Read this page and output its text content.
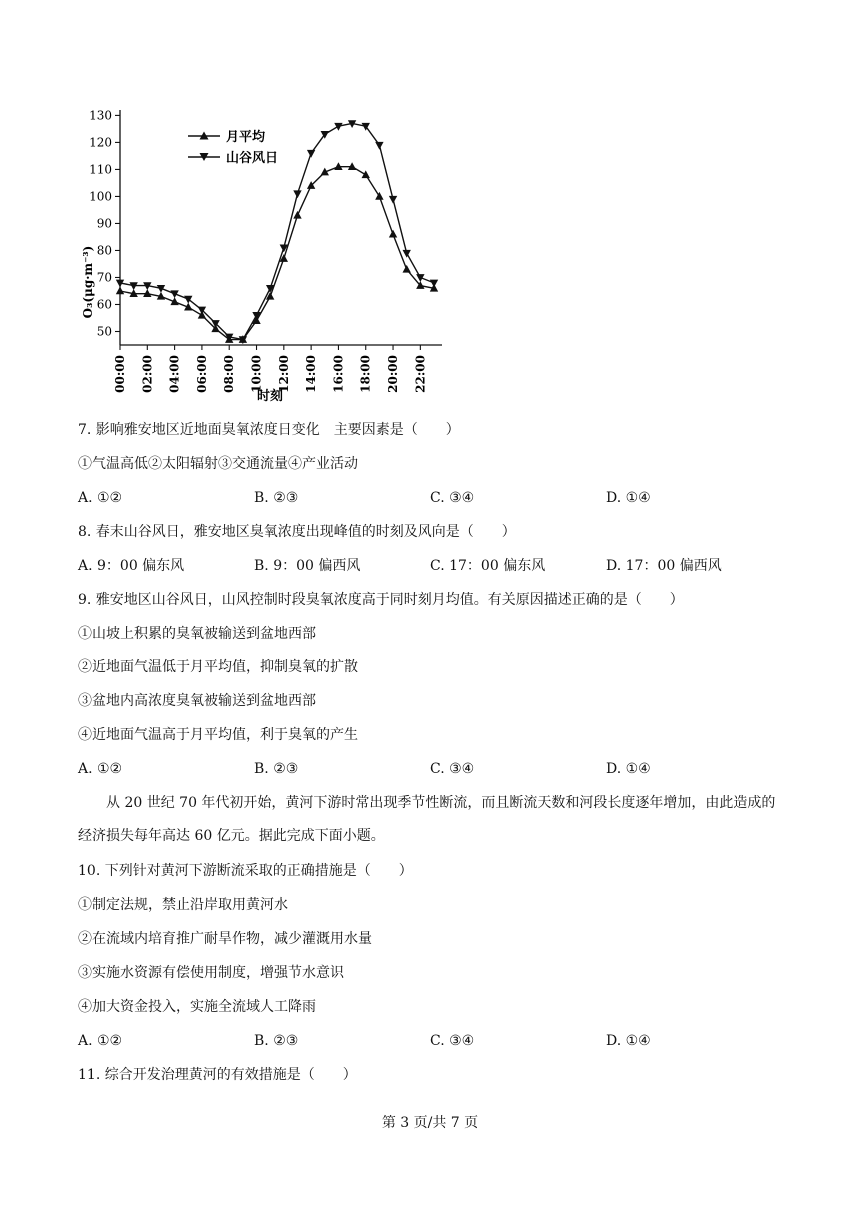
50
60
70
80
90
100
110
120
130
00:00 02:00 04:00 06:00 08:00 10:00 12:00 14:00 16:00 18:00 20:00 22:00
月平均
山谷风日
O₃(μg·m⁻³)
时刻
7. 影响雅安地区近地面臭氧浓度日变化　主要因素是（　　）
①气温高低②太阳辐射③交通流量④产业活动
A. ①②	B. ②③	C. ③④	D. ①④
8. 春末山谷风日，雅安地区臭氧浓度出现峰值的时刻及风向是（　　）
A. 9：00 偏东风	B. 9：00 偏西风	C. 17：00 偏东风	D. 17：00 偏西风
9. 雅安地区山谷风日，山风控制时段臭氧浓度高于同时刻月均值。有关原因描述正确的是（　　）
①山坡上积累的臭氧被输送到盆地西部
②近地面气温低于月平均值，抑制臭氧的扩散
③盆地内高浓度臭氧被输送到盆地西部
④近地面气温高于月平均值，利于臭氧的产生
A. ①②	B. ②③	C. ③④	D. ①④
从 20 世纪 70 年代初开始，黄河下游时常出现季节性断流，而且断流天数和河段长度逐年增加，由此造成的经济损失每年高达 60 亿元。据此完成下面小题。
10. 下列针对黄河下游断流采取的正确措施是（　　）
①制定法规，禁止沿岸取用黄河水
②在流域内培育推广耐旱作物，减少灌溉用水量
③实施水资源有偿使用制度，增强节水意识
④加大资金投入，实施全流域人工降雨
A. ①②	B. ②③	C. ③④	D. ①④
11. 综合开发治理黄河的有效措施是（　　）
第 3 页/共 7 页
